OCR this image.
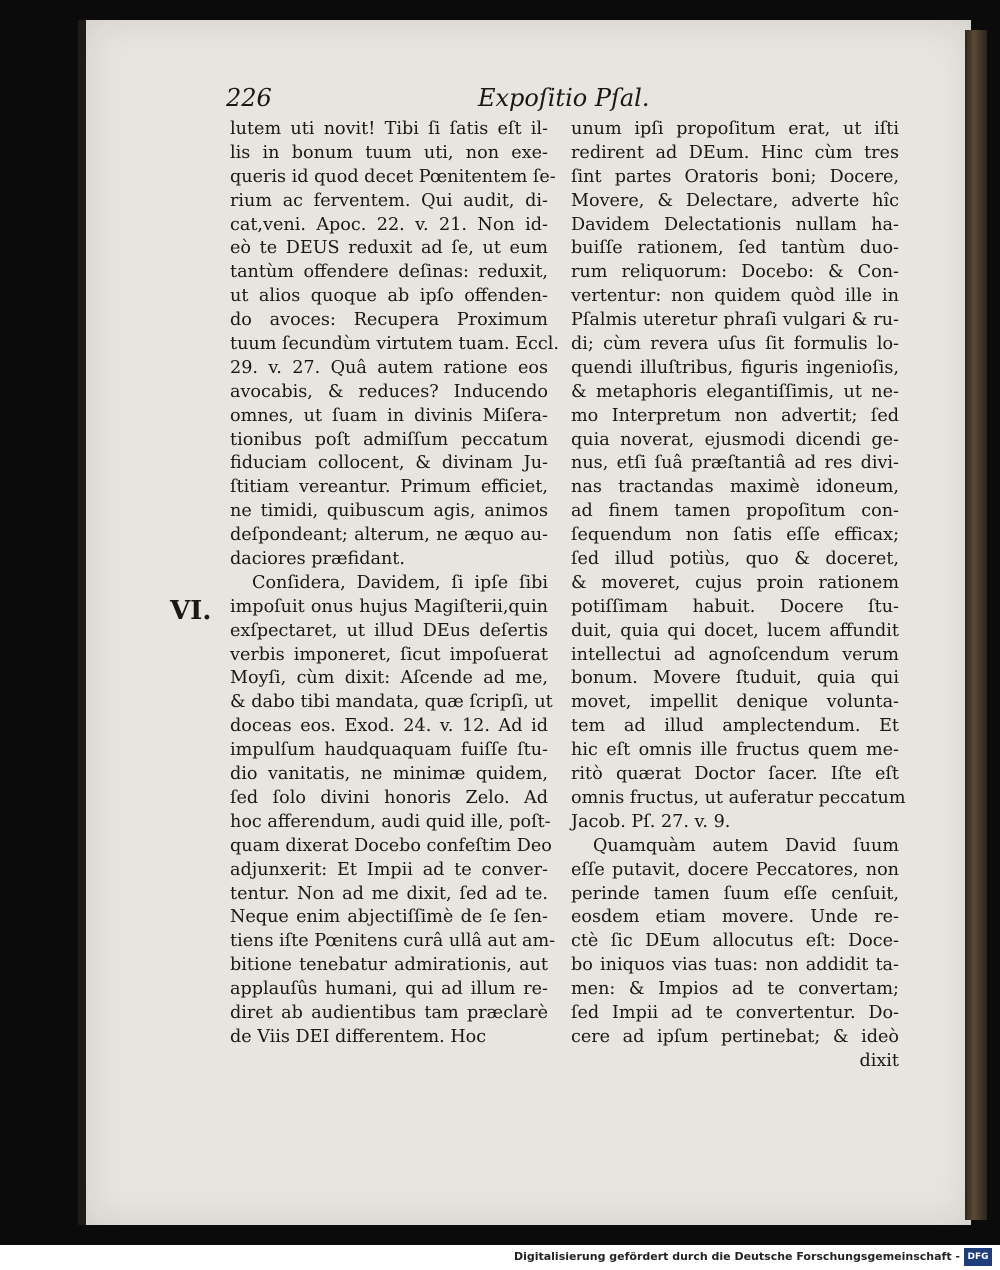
226	Expoſitio Pſal.
VI.
lutem uti novit! Tibi ſi ſatis eſt il-
lis in bonum tuum uti, non exe-
queris id quod decet Pœnitentem ſe-
rium ac ferventem. Qui audit, di-
cat,veni. Apoc. 22. v. 21. Non id-
eò te DEUS reduxit ad ſe, ut eum
tantùm offendere deſinas: reduxit,
ut alios quoque ab ipſo offenden-
do avoces: Recupera Proximum
tuum ſecundùm virtutem tuam. Eccl.
29. v. 27. Quâ autem ratione eos
avocabis, & reduces? Inducendo
omnes, ut ſuam in divinis Miſera-
tionibus poſt admiſſum peccatum
fiduciam collocent, & divinam Ju-
ſtitiam vereantur. Primum efficiet,
ne timidi, quibuscum agis, animos
deſpondeant; alterum, ne æquo au-
daciores præfidant.
Conſidera, Davidem, ſi ipſe ſibi
impoſuit onus hujus Magiſterii,quin
exſpectaret, ut illud DEus deſertis
verbis imponeret, ſicut impoſuerat
Moyſi, cùm dixit: Aſcende ad me,
& dabo tibi mandata, quæ ſcripſi, ut
doceas eos. Exod. 24. v. 12. Ad id
impulſum haudquaquam fuiſſe ſtu-
dio vanitatis, ne minimæ quidem,
ſed ſolo divini honoris Zelo. Ad
hoc afferendum, audi quid ille, poſt-
quam dixerat Docebo confeſtim Deo
adjunxerit: Et Impii ad te conver-
tentur. Non ad me dixit, ſed ad te.
Neque enim abjectiſſimè de ſe ſen-
tiens iſte Pœnitens curâ ullâ aut am-
bitione tenebatur admirationis, aut
applauſûs humani, qui ad illum re-
diret ab audientibus tam præclarè
de Viis DEI differentem. Hoc
unum ipſi propoſitum erat, ut iſti
redirent ad DEum. Hinc cùm tres
ſint partes Oratoris boni; Docere,
Movere, & Delectare, adverte hîc
Davidem Delectationis nullam ha-
buiſſe rationem, ſed tantùm duo-
rum reliquorum: Docebo: & Con-
vertentur: non quidem quòd ille in
Pſalmis uteretur phraſi vulgari & ru-
di; cùm revera uſus ſit formulis lo-
quendi illuſtribus, figuris ingenioſis,
& metaphoris elegantiſſimis, ut ne-
mo Interpretum non advertit; ſed
quia noverat, ejusmodi dicendi ge-
nus, etſi ſuâ præſtantiâ ad res divi-
nas tractandas maximè idoneum,
ad finem tamen propoſitum con-
ſequendum non ſatis eſſe efficax;
ſed illud potiùs, quo & doceret,
& moveret, cujus proin rationem
potiſſimam habuit. Docere ſtu-
duit, quia qui docet, lucem affundit
intellectui ad agnoſcendum verum
bonum. Movere ſtuduit, quia qui
movet, impellit denique volunta-
tem ad illud amplectendum. Et
hic eſt omnis ille fructus quem me-
ritò quærat Doctor ſacer. Iſte eſt
omnis fructus, ut auferatur peccatum
Jacob. Pſ. 27. v. 9.
Quamquàm autem David ſuum
eſſe putavit, docere Peccatores, non
perinde tamen ſuum eſſe cenſuit,
eosdem etiam movere. Unde re-
ctè ſic DEum allocutus eſt: Doce-
bo iniquos vias tuas: non addidit ta-
men: & Impios ad te convertam;
ſed Impii ad te convertentur. Do-
cere ad ipſum pertinebat; & ideò
dixit
Digitalisierung gefördert durch die Deutsche Forschungsgemeinschaft - DFG
